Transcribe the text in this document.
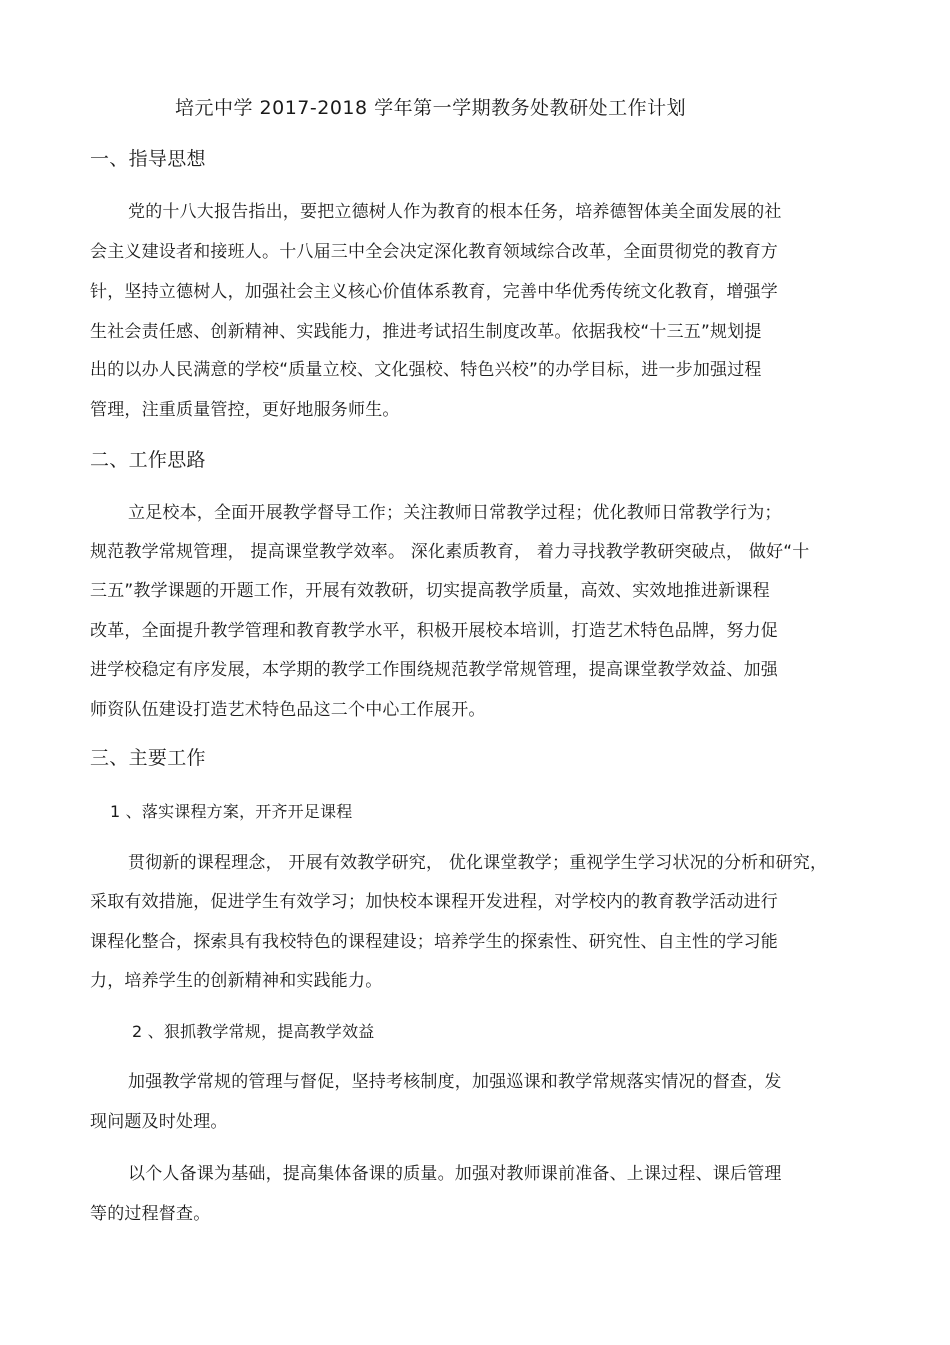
培元中学 2017-2018 学年第一学期教务处教研处工作计划
一、指导思想
党的十八大报告指出，要把立德树人作为教育的根本任务，培养德智体美全面发展的社
会主义建设者和接班人。十八届三中全会决定深化教育领域综合改革，全面贯彻党的教育方
针，坚持立德树人，加强社会主义核心价值体系教育，完善中华优秀传统文化教育，增强学
生社会责任感、创新精神、实践能力，推进考试招生制度改革。依据我校“十三五”规划提
出的以办人民满意的学校“质量立校、文化强校、特色兴校”的办学目标，进一步加强过程
管理，注重质量管控，更好地服务师生。
二、工作思路
立足校本，全面开展教学督导工作；关注教师日常教学过程；优化教师日常教学行为；
规范教学常规管理， 提高课堂教学效率。 深化素质教育， 着力寻找教学教研突破点， 做好“十
三五”教学课题的开题工作，开展有效教研，切实提高教学质量，高效、实效地推进新课程
改革，全面提升教学管理和教育教学水平，积极开展校本培训，打造艺术特色品牌，努力促
进学校稳定有序发展，本学期的教学工作围绕规范教学常规管理，提高课堂教学效益、加强
师资队伍建设打造艺术特色品这二个中心工作展开。
三、主要工作
1 、落实课程方案，开齐开足课程
贯彻新的课程理念， 开展有效教学研究， 优化课堂教学；重视学生学习状况的分析和研究，
采取有效措施，促进学生有效学习；加快校本课程开发进程，对学校内的教育教学活动进行
课程化整合，探索具有我校特色的课程建设；培养学生的探索性、研究性、自主性的学习能
力，培养学生的创新精神和实践能力。
2 、狠抓教学常规，提高教学效益
加强教学常规的管理与督促，坚持考核制度，加强巡课和教学常规落实情况的督查，发
现问题及时处理。
以个人备课为基础，提高集体备课的质量。加强对教师课前准备、上课过程、课后管理
等的过程督查。
